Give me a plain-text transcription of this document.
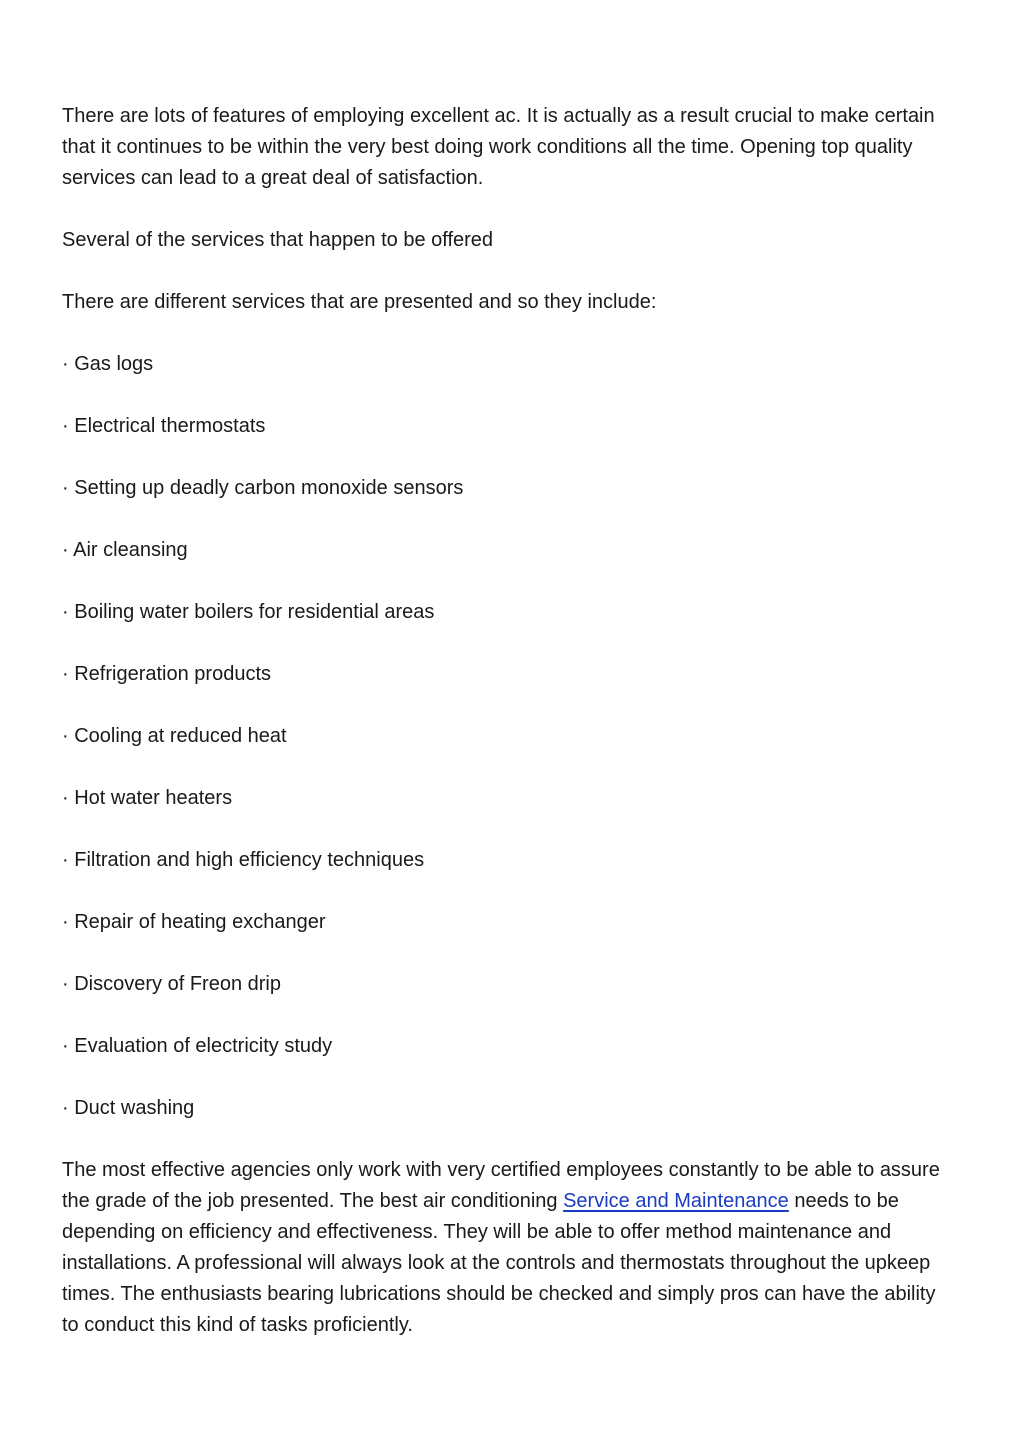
There are lots of features of employing excellent ac. It is actually as a result crucial to make certain that it continues to be within the very best doing work conditions all the time. Opening top quality services can lead to a great deal of satisfaction.

Several of the services that happen to be offered

There are different services that are presented and so they include:

· Gas logs

· Electrical thermostats

· Setting up deadly carbon monoxide sensors

· Air cleansing

· Boiling water boilers for residential areas

· Refrigeration products

· Cooling at reduced heat

· Hot water heaters

· Filtration and high efficiency techniques

· Repair of heating exchanger

· Discovery of Freon drip

· Evaluation of electricity study

· Duct washing

The most effective agencies only work with very certified employees constantly to be able to assure the grade of the job presented. The best air conditioning Service and Maintenance needs to be depending on efficiency and effectiveness. They will be able to offer method maintenance and installations. A professional will always look at the controls and thermostats throughout the upkeep times. The enthusiasts bearing lubrications should be checked and simply pros can have the ability to conduct this kind of tasks proficiently.
